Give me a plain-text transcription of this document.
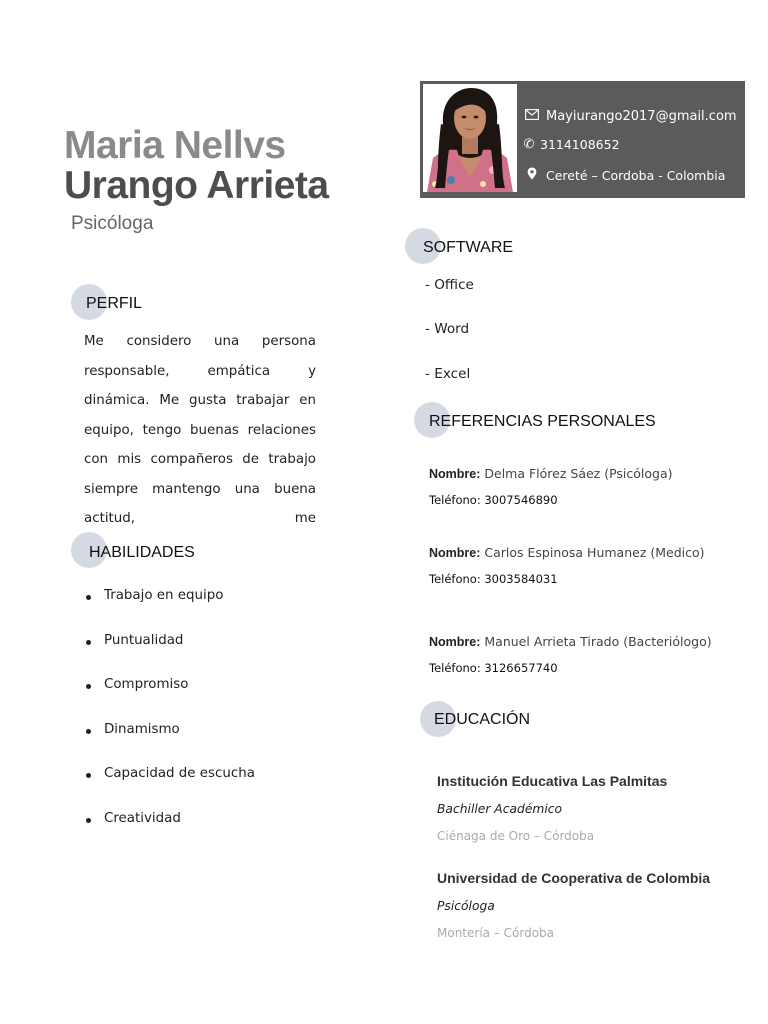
Maria Nellvs
Urango Arrieta
Psicóloga
PERFIL
Me considero una persona responsable, empática y dinámica. Me gusta trabajar en equipo, tengo buenas relaciones con mis compañeros de trabajo siempre mantengo una buena actitud, me
HABILIDADES
Trabajo en equipo
Puntualidad
Compromiso
Dinamismo
Capacidad de escucha
Creatividad
Mayiurango2017@gmail.com
✆ 3114108652
Cereté – Cordoba - Colombia
SOFTWARE
- Office
- Word
- Excel
REFERENCIAS PERSONALES
Nombre: Delma Flórez Sáez (Psicóloga)
Teléfono: 3007546890
Nombre: Carlos Espinosa Humanez (Medico)
Teléfono: 3003584031
Nombre: Manuel Arrieta Tirado (Bacteriólogo)
Teléfono: 3126657740
EDUCACIÓN
Institución Educativa Las Palmitas
Bachiller Académico
Ciénaga de Oro – Córdoba
Universidad de Cooperativa de Colombia
Psicóloga
Montería – Córdoba
